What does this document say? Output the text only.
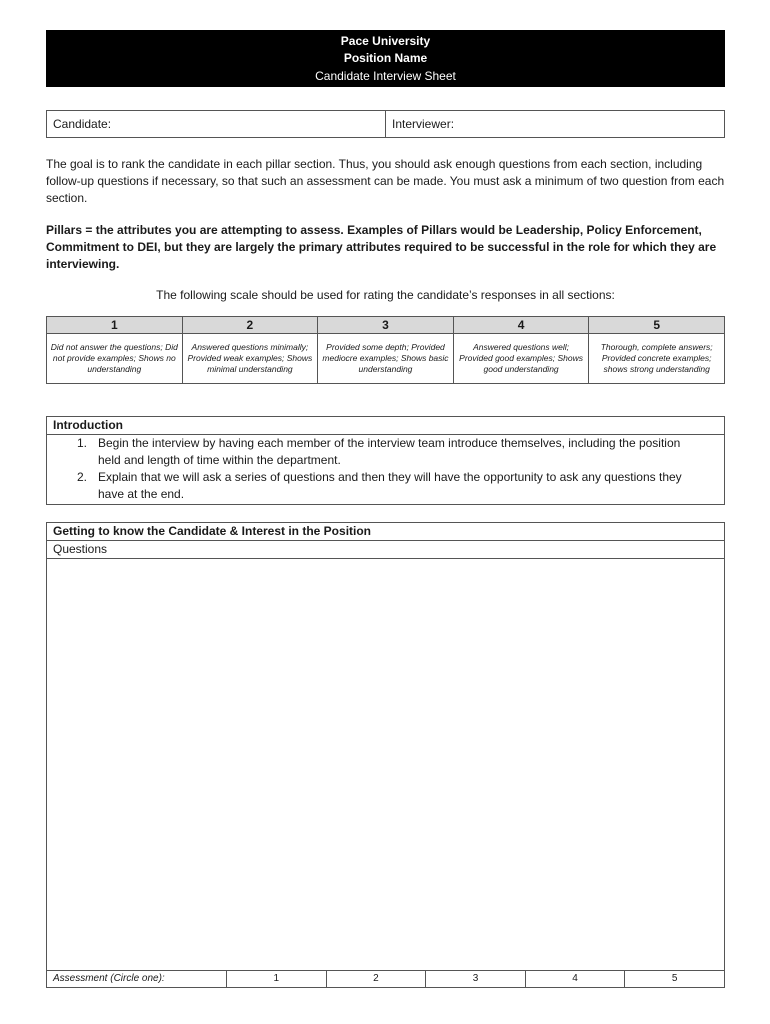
Pace University
Position Name
Candidate Interview Sheet
Candidate:	Interviewer:

The goal is to rank the candidate in each pillar section. Thus, you should ask enough questions from each section, including follow-up questions if necessary, so that such an assessment can be made. You must ask a minimum of two question from each section.

Pillars = the attributes you are attempting to assess. Examples of Pillars would be Leadership, Policy Enforcement, Commitment to DEI, but they are largely the primary attributes required to be successful in the role for which they are interviewing.

The following scale should be used for rating the candidate’s responses in all sections:

1	2	3	4	5
Did not answer the questions; Did not provide examples; Shows no understanding	Answered questions minimally; Provided weak examples; Shows minimal understanding	Provided some depth; Provided mediocre examples; Shows basic understanding	Answered questions well; Provided good examples; Shows good understanding	Thorough, complete answers; Provided concrete examples; shows strong understanding
Introduction
1. Begin the interview by having each member of the interview team introduce themselves, including the position held and length of time within the department.
2. Explain that we will ask a series of questions and then they will have the opportunity to ask any questions they have at the end.
Getting to know the Candidate & Interest in the Position
Questions
Assessment (Circle one):	1	2	3	4	5
